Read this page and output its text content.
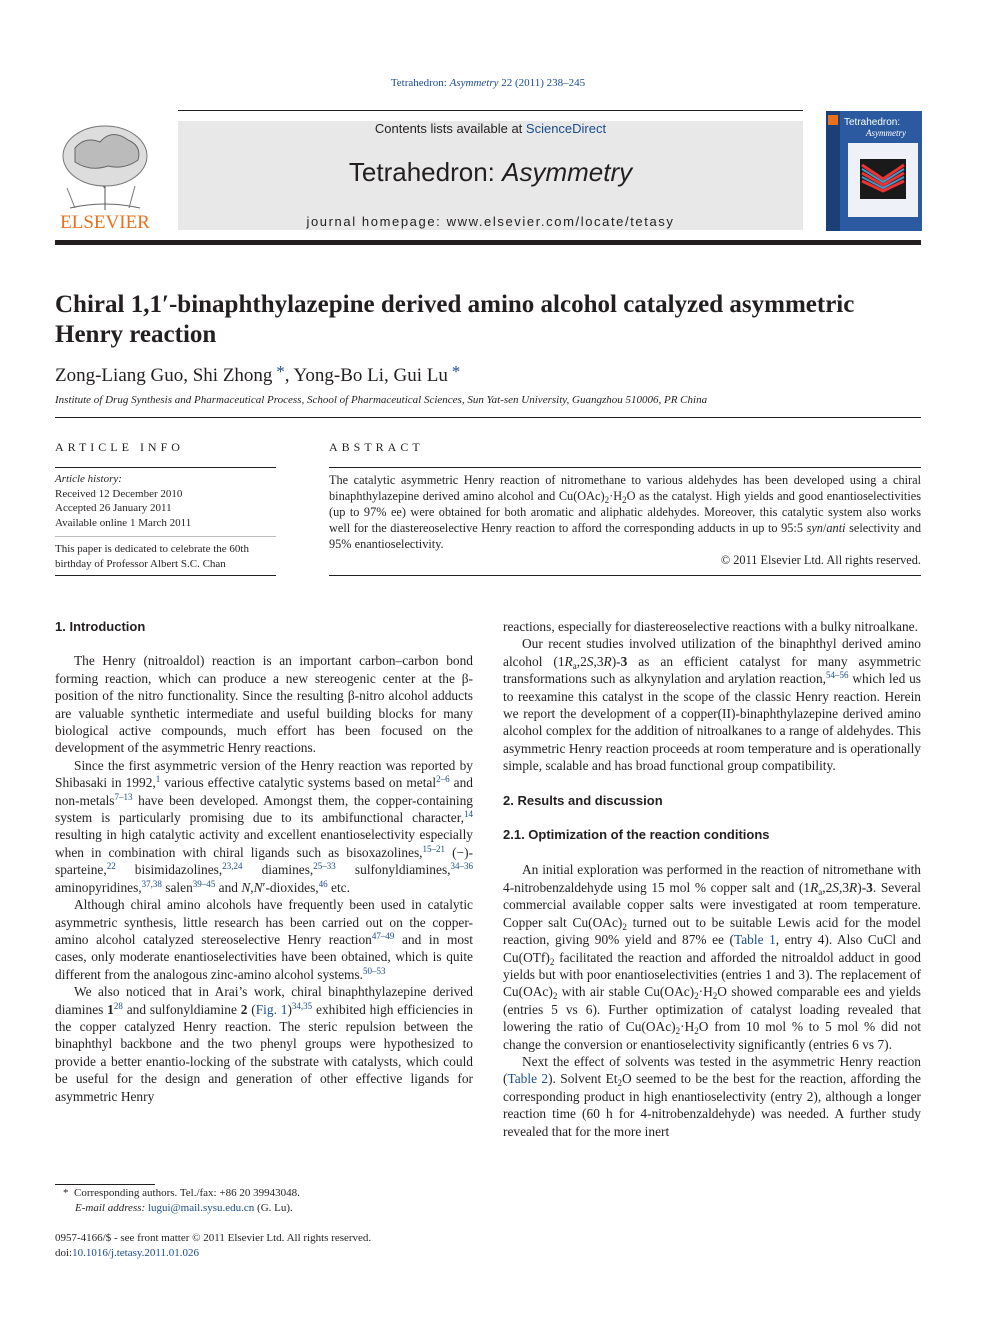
Tetrahedron: Asymmetry 22 (2011) 238–245
ELSEVIER
Contents lists available at ScienceDirect
Tetrahedron: Asymmetry
journal homepage: www.elsevier.com/locate/tetasy
Tetrahedron:
Asymmetry
Chiral 1,1′-binaphthylazepine derived amino alcohol catalyzed asymmetric Henry reaction
Zong-Liang Guo, Shi Zhong  *, Yong-Bo Li, Gui Lu  *
Institute of Drug Synthesis and Pharmaceutical Process, School of Pharmaceutical Sciences, Sun Yat-sen University, Guangzhou 510006, PR China
ARTICLE INFO
Article history:
Received 12 December 2010
Accepted 26 January 2011
Available online 1 March 2011
This paper is dedicated to celebrate the 60th birthday of Professor Albert S.C. Chan
ABSTRACT
The catalytic asymmetric Henry reaction of nitromethane to various aldehydes has been developed using a chiral binaphthylazepine derived amino alcohol and $Cu(OAc)_2\cdot H_2O$ as the catalyst. High yields and good enantioselectivities (up to 97% ee) were obtained for both aromatic and aliphatic aldehydes. Moreover, this catalytic system also works well for the diastereoselective Henry reaction to afford the corresponding adducts in up to 95:5 syn/anti selectivity and 95% enantioselectivity.
© 2011 Elsevier Ltd. All rights reserved.
1. Introduction

The Henry (nitroaldol) reaction is an important carbon–carbon bond forming reaction, which can produce a new stereogenic center at the β-position of the nitro functionality. Since the resulting β-nitro alcohol adducts are valuable synthetic intermediate and useful building blocks for many biological active compounds, much effort has been focused on the development of the asymmetric Henry reactions.

Since the first asymmetric version of the Henry reaction was reported by Shibasaki in 1992,$^1$ various effective catalytic systems based on metal$^{2-6}$ and non-metals$^{7-13}$ have been developed. Amongst them, the copper-containing system is particularly promising due to its ambifunctional character,$^{14}$ resulting in high catalytic activity and excellent enantioselectivity especially when in combination with chiral ligands such as bisoxazolines,$^{15-21}$ (−)-sparteine,$^{22}$ bisimidazolines,$^{23,24}$ diamines,$^{25-33}$ sulfonyldiamines,$^{34-36}$ aminopyridines,$^{37,38}$ salen$^{39-45}$ and N,N′-dioxides,$^{46}$ etc.

Although chiral amino alcohols have frequently been used in catalytic asymmetric synthesis, little research has been carried out on the copper-amino alcohol catalyzed stereoselective Henry reaction$^{47-49}$ and in most cases, only moderate enantioselectivities have been obtained, which is quite different from the analogous zinc-amino alcohol systems.$^{50-53}$

We also noticed that in Arai’s work, chiral binaphthylazepine derived diamines $1^{28}$ and sulfonyldiamine 2 (Fig. 1)$^{34,35}$ exhibited high efficiencies in the copper catalyzed Henry reaction. The steric repulsion between the binaphthyl backbone and the two phenyl groups were hypothesized to provide a better enantio-locking of the substrate with catalysts, which could be useful for the design and generation of other effective ligands for asymmetric Henry

reactions, especially for diastereoselective reactions with a bulky nitroalkane.

Our recent studies involved utilization of the binaphthyl derived amino alcohol $(1R_a,2S,3R)-3$ as an efficient catalyst for many asymmetric transformations such as alkynylation and arylation reaction,$^{54-56}$ which led us to reexamine this catalyst in the scope of the classic Henry reaction. Herein we report the development of a copper(II)-binaphthylazepine derived amino alcohol complex for the addition of nitroalkanes to a range of aldehydes. This asymmetric Henry reaction proceeds at room temperature and is operationally simple, scalable and has broad functional group compatibility.

2. Results and discussion
2.1. Optimization of the reaction conditions

An initial exploration was performed in the reaction of nitromethane with 4-nitrobenzaldehyde using 15 mol % copper salt and $(1R_a,2S,3R)-3$. Several commercial available copper salts were investigated at room temperature. Copper salt $Cu(OAc)_2$ turned out to be suitable Lewis acid for the model reaction, giving 90% yield and 87% ee (Table 1, entry 4). Also CuCl and $Cu(OTf)_2$ facilitated the reaction and afforded the nitroaldol adduct in good yields but with poor enantioselectivities (entries 1 and 3). The replacement of $Cu(OAc)_2$ with air stable $Cu(OAc)_2\cdot H_2O$ showed comparable ees and yields (entries 5 vs 6). Further optimization of catalyst loading revealed that lowering the ratio of $Cu(OAc)_2\cdot H_2O$ from 10 mol % to 5 mol % did not change the conversion or enantioselectivity significantly (entries 6 vs 7).

Next the effect of solvents was tested in the asymmetric Henry reaction (Table 2). Solvent $Et_2O$ seemed to be the best for the reaction, affording the corresponding product in high enantioselectivity (entry 2), although a longer reaction time (60 h for 4-nitrobenzaldehyde) was needed. A further study revealed that for the more inert

* Corresponding authors. Tel./fax: +86 20 39943048.
E-mail address: lugui@mail.sysu.edu.cn (G. Lu).
0957-4166/$ - see front matter © 2011 Elsevier Ltd. All rights reserved.
doi:10.1016/j.tetasy.2011.01.026
